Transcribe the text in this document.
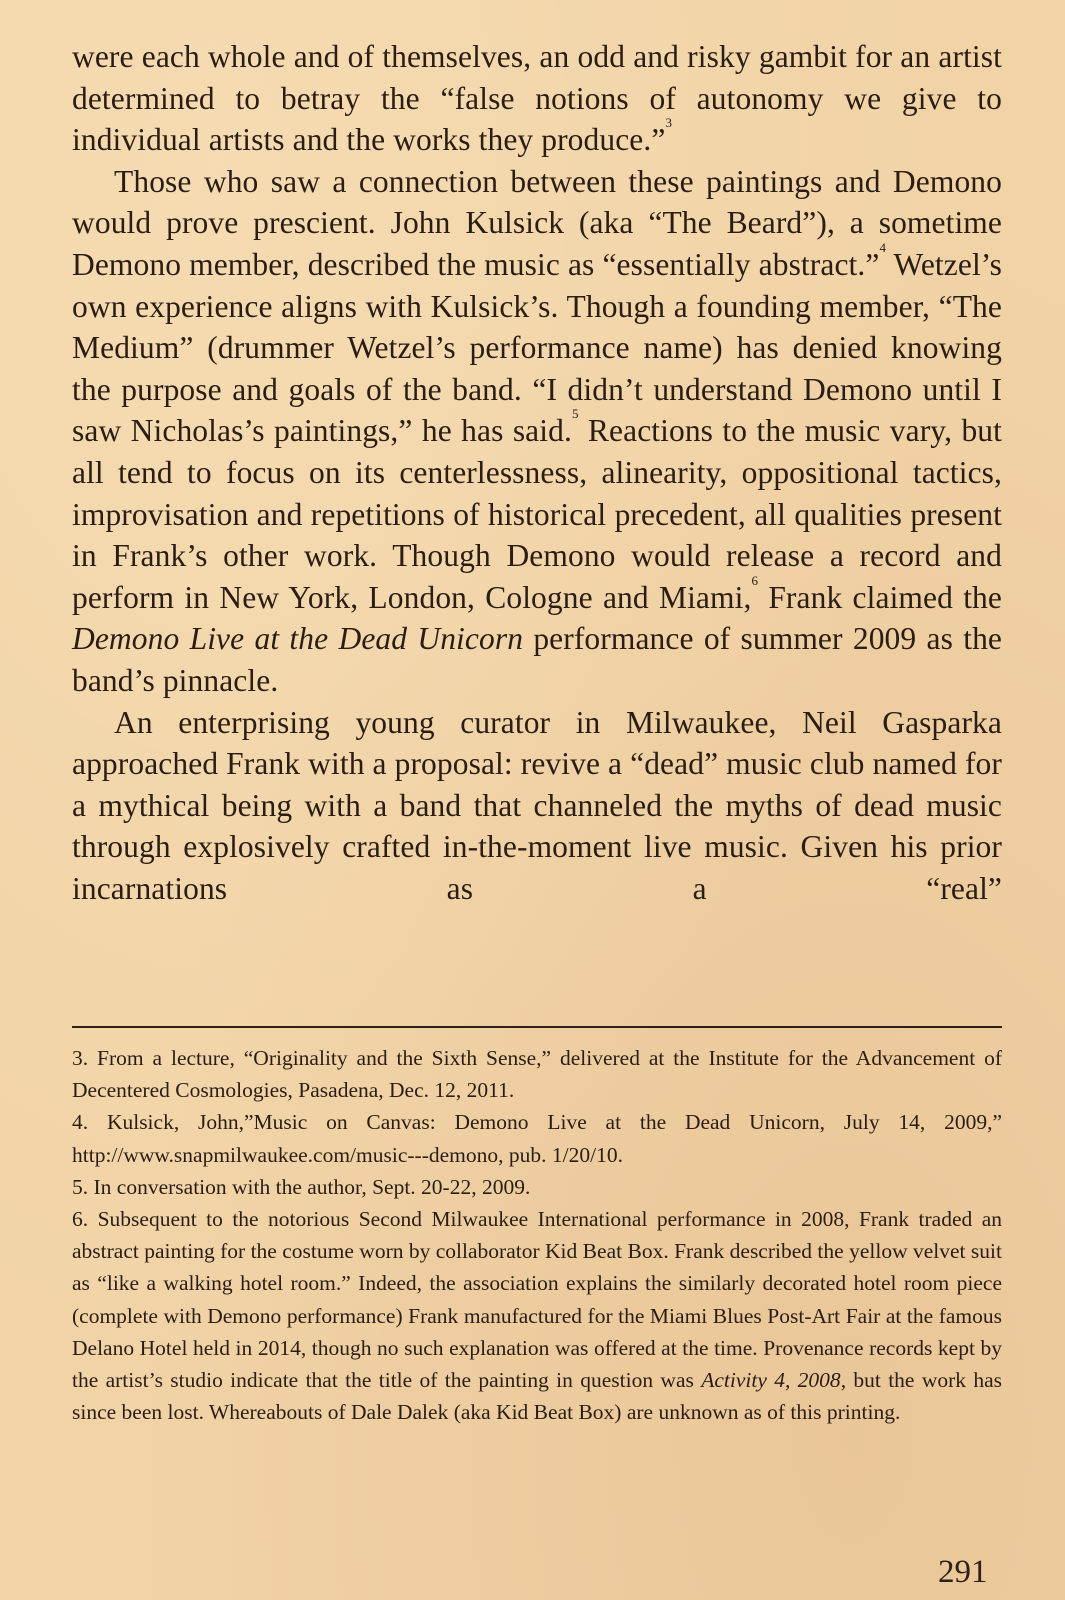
were each whole and of themselves, an odd and risky gambit for an artist determined to betray the “false notions of autonomy we give to individual artists and the works they produce.”$^3$

Those who saw a connection between these paintings and Demono would prove prescient. John Kulsick (aka “The Beard”), a sometime Demono member, described the music as “essentially abstract.”$^4$ Wetzel’s own experience aligns with Kulsick’s. Though a founding member, “The Medium” (drummer Wetzel’s performance name) has denied knowing the purpose and goals of the band. “I didn’t understand Demono until I saw Nicholas’s paintings,” he has said.$^5$ Reactions to the music vary, but all tend to focus on its centerlessness, alinearity, oppositional tactics, improvisation and repetitions of historical precedent, all qualities present in Frank’s other work. Though Demono would release a record and perform in New York, London, Cologne and Miami,$^6$ Frank claimed the Demono Live at the Dead Unicorn performance of summer 2009 as the band’s pinnacle.

An enterprising young curator in Milwaukee, Neil Gasparka approached Frank with a proposal: revive a “dead” music club named for a mythical being with a band that channeled the myths of dead music through explosively crafted in-the-moment live music. Given his prior incarnations as a “real”

3. From a lecture, “Originality and the Sixth Sense,” delivered at the Institute for the Advancement of Decentered Cosmologies, Pasadena, Dec. 12, 2011.

4. Kulsick, John,”Music on Canvas: Demono Live at the Dead Unicorn, July 14, 2009,” http://www.snapmilwaukee.com/music---demono, pub. 1/20/10.

5. In conversation with the author, Sept. 20-22, 2009.

6. Subsequent to the notorious Second Milwaukee International performance in 2008, Frank traded an abstract painting for the costume worn by collaborator Kid Beat Box. Frank described the yellow velvet suit as “like a walking hotel room.” Indeed, the association explains the similarly decorated hotel room piece (complete with Demono performance) Frank manufactured for the Miami Blues Post-Art Fair at the famous Delano Hotel held in 2014, though no such explanation was offered at the time. Provenance records kept by the artist’s studio indicate that the title of the painting in question was Activity 4, 2008, but the work has since been lost. Whereabouts of Dale Dalek (aka Kid Beat Box) are unknown as of this printing.

291
